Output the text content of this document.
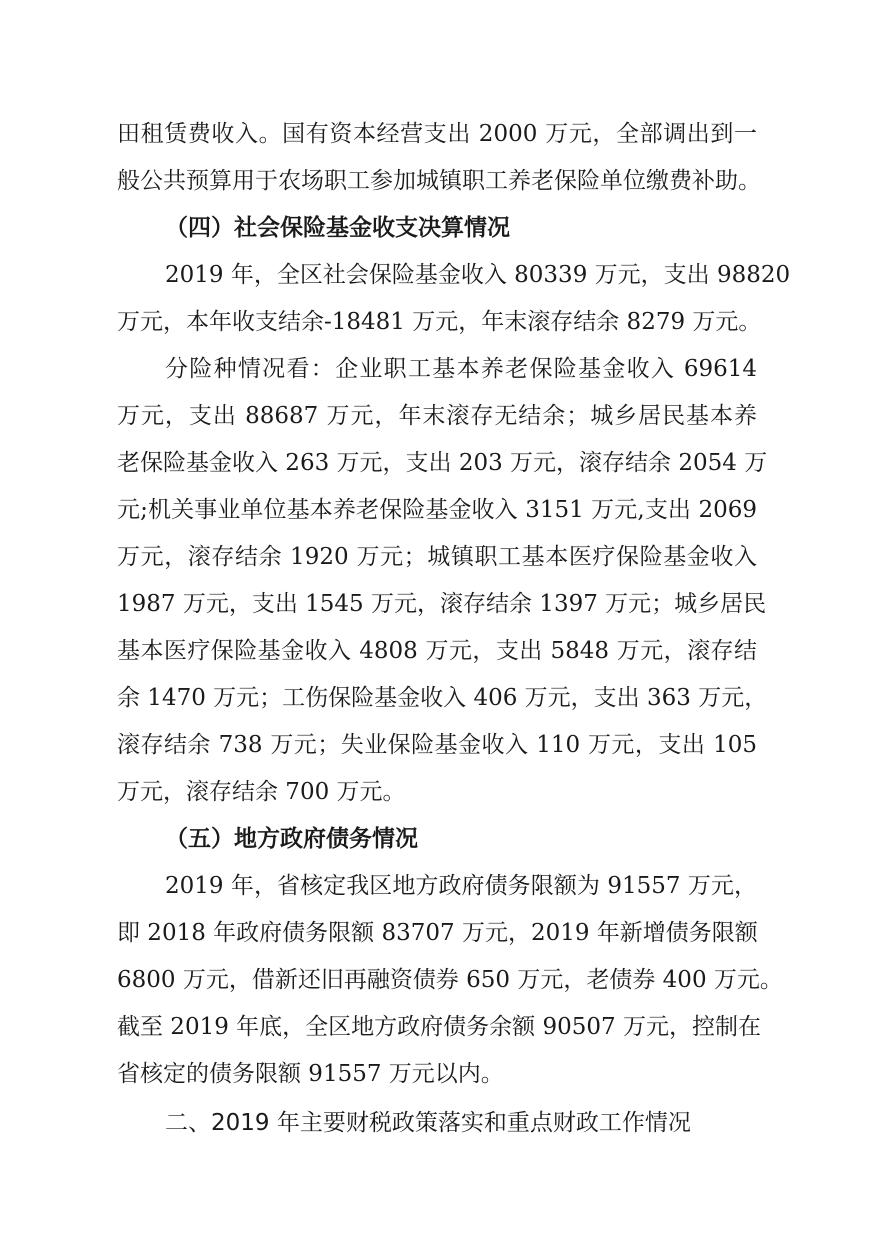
田租赁费收入。国有资本经营支出 2000 万元，全部调出到一
般公共预算用于农场职工参加城镇职工养老保险单位缴费补助。
（四）社会保险基金收支决算情况
2019 年，全区社会保险基金收入 80339 万元，支出 98820
万元，本年收支结余-18481 万元，年末滚存结余 8279 万元。
分险种情况看：企业职工基本养老保险基金收入 69614
万元，支出 88687 万元，年末滚存无结余；城乡居民基本养
老保险基金收入 263 万元，支出 203 万元，滚存结余 2054 万
元;机关事业单位基本养老保险基金收入 3151 万元,支出 2069
万元，滚存结余 1920 万元；城镇职工基本医疗保险基金收入
1987 万元，支出 1545 万元，滚存结余 1397 万元；城乡居民
基本医疗保险基金收入 4808 万元，支出 5848 万元，滚存结
余 1470 万元；工伤保险基金收入 406 万元，支出 363 万元，
滚存结余 738 万元；失业保险基金收入 110 万元，支出 105
万元，滚存结余 700 万元。
（五）地方政府债务情况
2019 年，省核定我区地方政府债务限额为 91557 万元，
即 2018 年政府债务限额 83707 万元，2019 年新增债务限额
6800 万元，借新还旧再融资债券 650 万元，老债券 400 万元。
截至 2019 年底，全区地方政府债务余额 90507 万元，控制在
省核定的债务限额 91557 万元以内。
二、2019 年主要财税政策落实和重点财政工作情况
